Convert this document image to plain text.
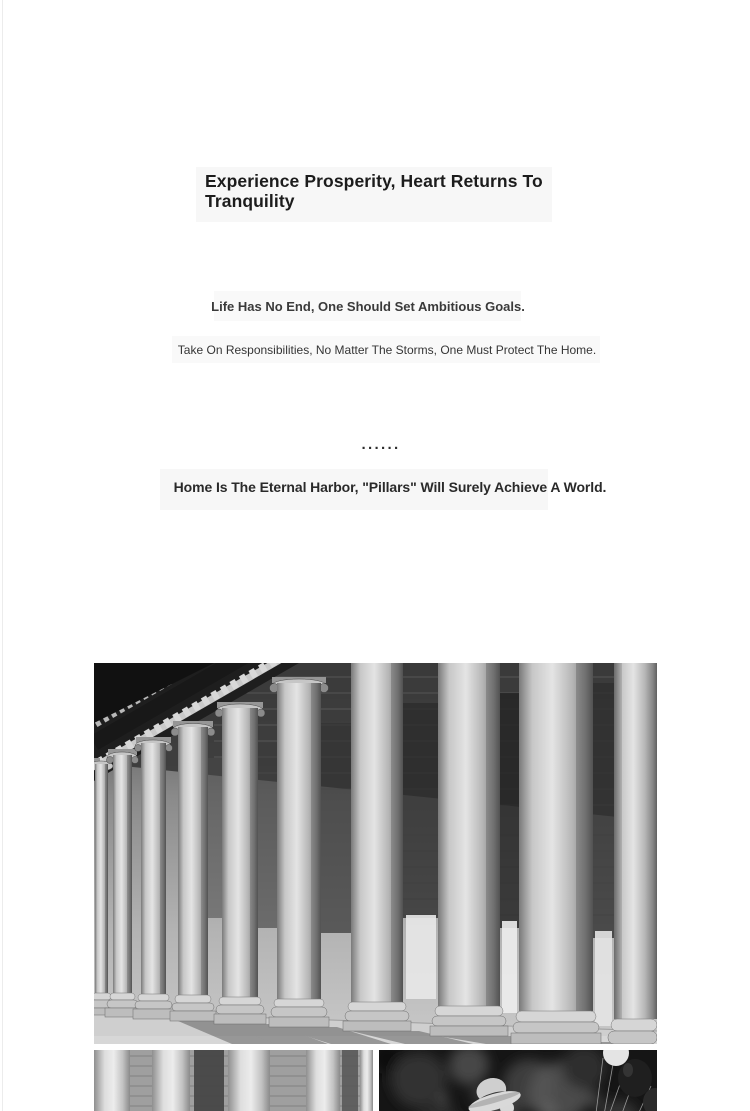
Experience Prosperity, Heart Returns To Tranquility

Life Has No End, One Should Set Ambitious Goals.

Take On Responsibilities, No Matter The Storms, One Must Protect The Home.

······

Home Is The Eternal Harbor, "Pillars" Will Surely Achieve A World.
